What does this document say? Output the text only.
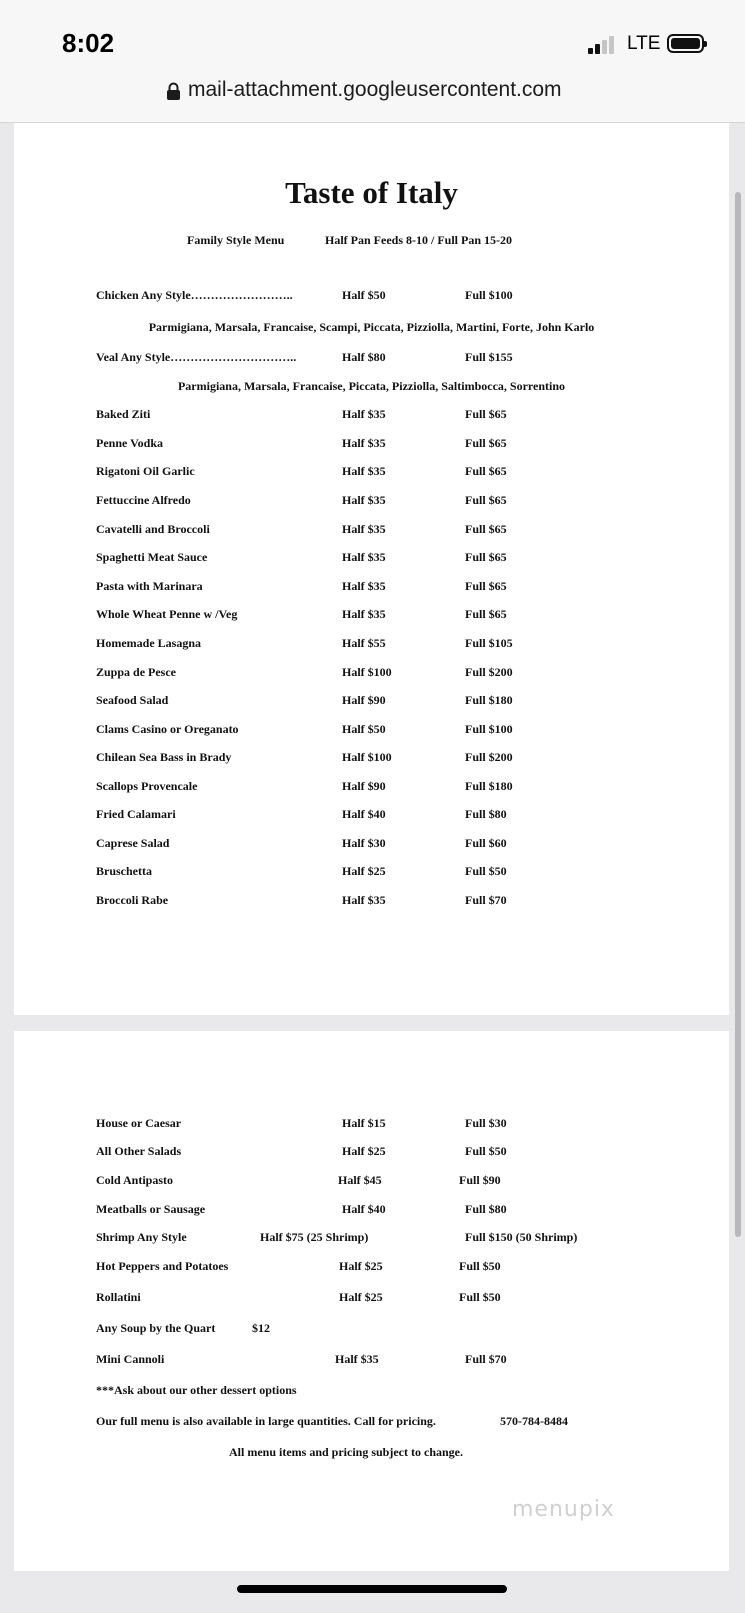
8:02	LTE
mail-attachment.googleusercontent.com
Taste of Italy
Family Style Menu	Half Pan Feeds 8-10 / Full Pan 15-20
Chicken Any Style……………………..	Half $50	Full $100
Parmigiana, Marsala, Francaise, Scampi, Piccata, Pizziolla, Martini, Forte, John Karlo
Veal Any Style…………………………..	Half $80	Full $155
Parmigiana, Marsala, Francaise, Piccata, Pizziolla, Saltimbocca, Sorrentino
Baked Ziti	Half $35	Full $65
Penne Vodka	Half $35	Full $65
Rigatoni Oil Garlic	Half $35	Full $65
Fettuccine Alfredo	Half $35	Full $65
Cavatelli and Broccoli	Half $35	Full $65
Spaghetti Meat Sauce	Half $35	Full $65
Pasta with Marinara	Half $35	Full $65
Whole Wheat Penne w /Veg	Half $35	Full $65
Homemade Lasagna	Half $55	Full $105
Zuppa de Pesce	Half $100	Full $200
Seafood Salad	Half $90	Full $180
Clams Casino or Oreganato	Half $50	Full $100
Chilean Sea Bass in Brady	Half $100	Full $200
Scallops Provencale	Half $90	Full $180
Fried Calamari	Half $40	Full $80
Caprese Salad	Half $30	Full $60
Bruschetta	Half $25	Full $50
Broccoli Rabe	Half $35	Full $70
House or Caesar	Half $15	Full $30
All Other Salads	Half $25	Full $50
Cold Antipasto	Half $45	Full $90
Meatballs or Sausage	Half $40	Full $80
Shrimp Any Style	Half $75 (25 Shrimp)	Full $150 (50 Shrimp)
Hot Peppers and Potatoes	Half $25	Full $50
Rollatini	Half $25	Full $50
Any Soup by the Quart	$12
Mini Cannoli	Half $35	Full $70
***Ask about our other dessert options
Our full menu is also available in large quantities. Call for pricing.	570-784-8484
All menu items and pricing subject to change.
menupix
